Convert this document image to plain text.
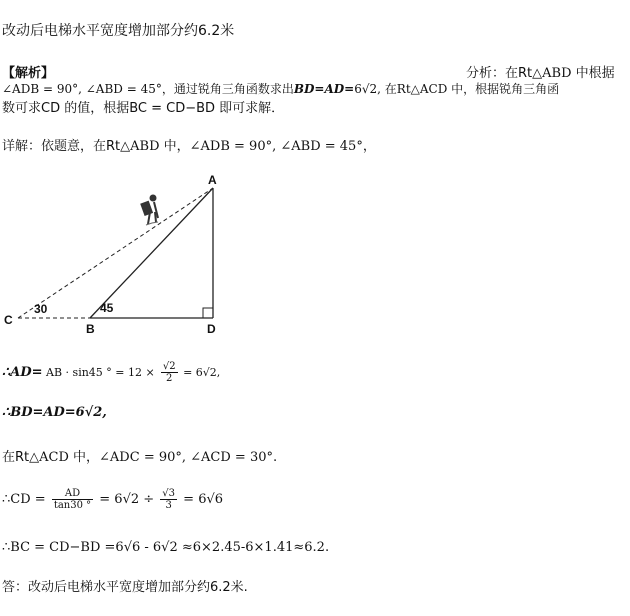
改动后电梯水平宽度增加部分约6.2米
【解析】	分析：在Rt△ABD 中根据
∠ADB = 90°, ∠ABD = 45°，通过锐角三角函数求出BD=AD=6√2, 在Rt△ACD 中，根据锐角三角函
数可求CD 的值，根据BC = CD−BD 即可求解．
详解：依题意，在Rt△ABD 中，∠ADB = 90°, ∠ABD = 45°，
A
C
B	D
30	45
∴AD= AB · sin45 ° = $12 \times \frac{√2}{2} = 6√2$,
∴BD=AD=6√2,
在Rt△ACD 中，∠ADC = 90°, ∠ACD = 30°.
∴CD = $\frac{AD}{\tan 30 ^\circ} = 6√2 \div \frac{√3}{3} = 6√6$
∴BC = CD−BD =6√6 - 6√2 ≈6×2.45-6×1.41≈6.2.
答：改动后电梯水平宽度增加部分约6.2米.
